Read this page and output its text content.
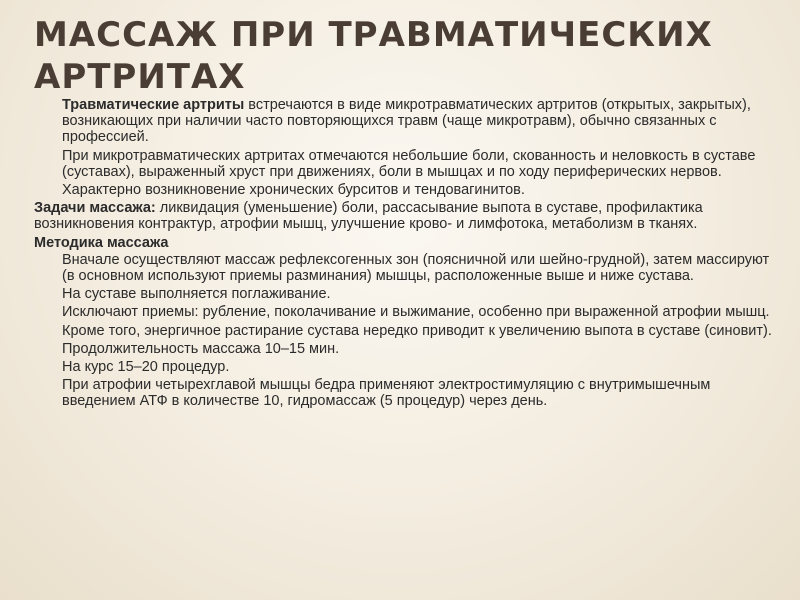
МАССАЖ ПРИ ТРАВМАТИЧЕСКИХ
АРТРИТАХ
Травматические артриты встречаются в виде микротравматических артритов (открытых, закрытых), возникающих при наличии часто повторяющихся травм (чаще микротравм), обычно связанных с профессией.
При микротравматических артритах отмечаются небольшие боли, скованность и неловкость в суставе (суставах), выраженный хруст при движениях, боли в мышцах и по ходу периферических нервов.
Характерно возникновение хронических бурситов и тендовагинитов.
Задачи массажа: ликвидация (уменьшение) боли, рассасывание выпота в суставе, профилактика возникновения контрактур, атрофии мышц, улучшение крово- и лимфотока, метаболизм в тканях.
Методика массажа
Вначале осуществляют массаж рефлексогенных зон (поясничной или шейно-грудной), затем массируют (в основном используют приемы разминания) мышцы, расположенные выше и ниже сустава.
На суставе выполняется поглаживание.
Исключают приемы: рубление, поколачивание и выжимание, особенно при выраженной атрофии мышц.
Кроме того, энергичное растирание сустава нередко приводит к увеличению выпота в суставе (синовит).
Продолжительность массажа 10–15 мин.
На курс 15–20 процедур.
При атрофии четырехглавой мышцы бедра применяют электростимуляцию с внутримышечным введением АТФ в количестве 10, гидромассаж (5 процедур) через день.
